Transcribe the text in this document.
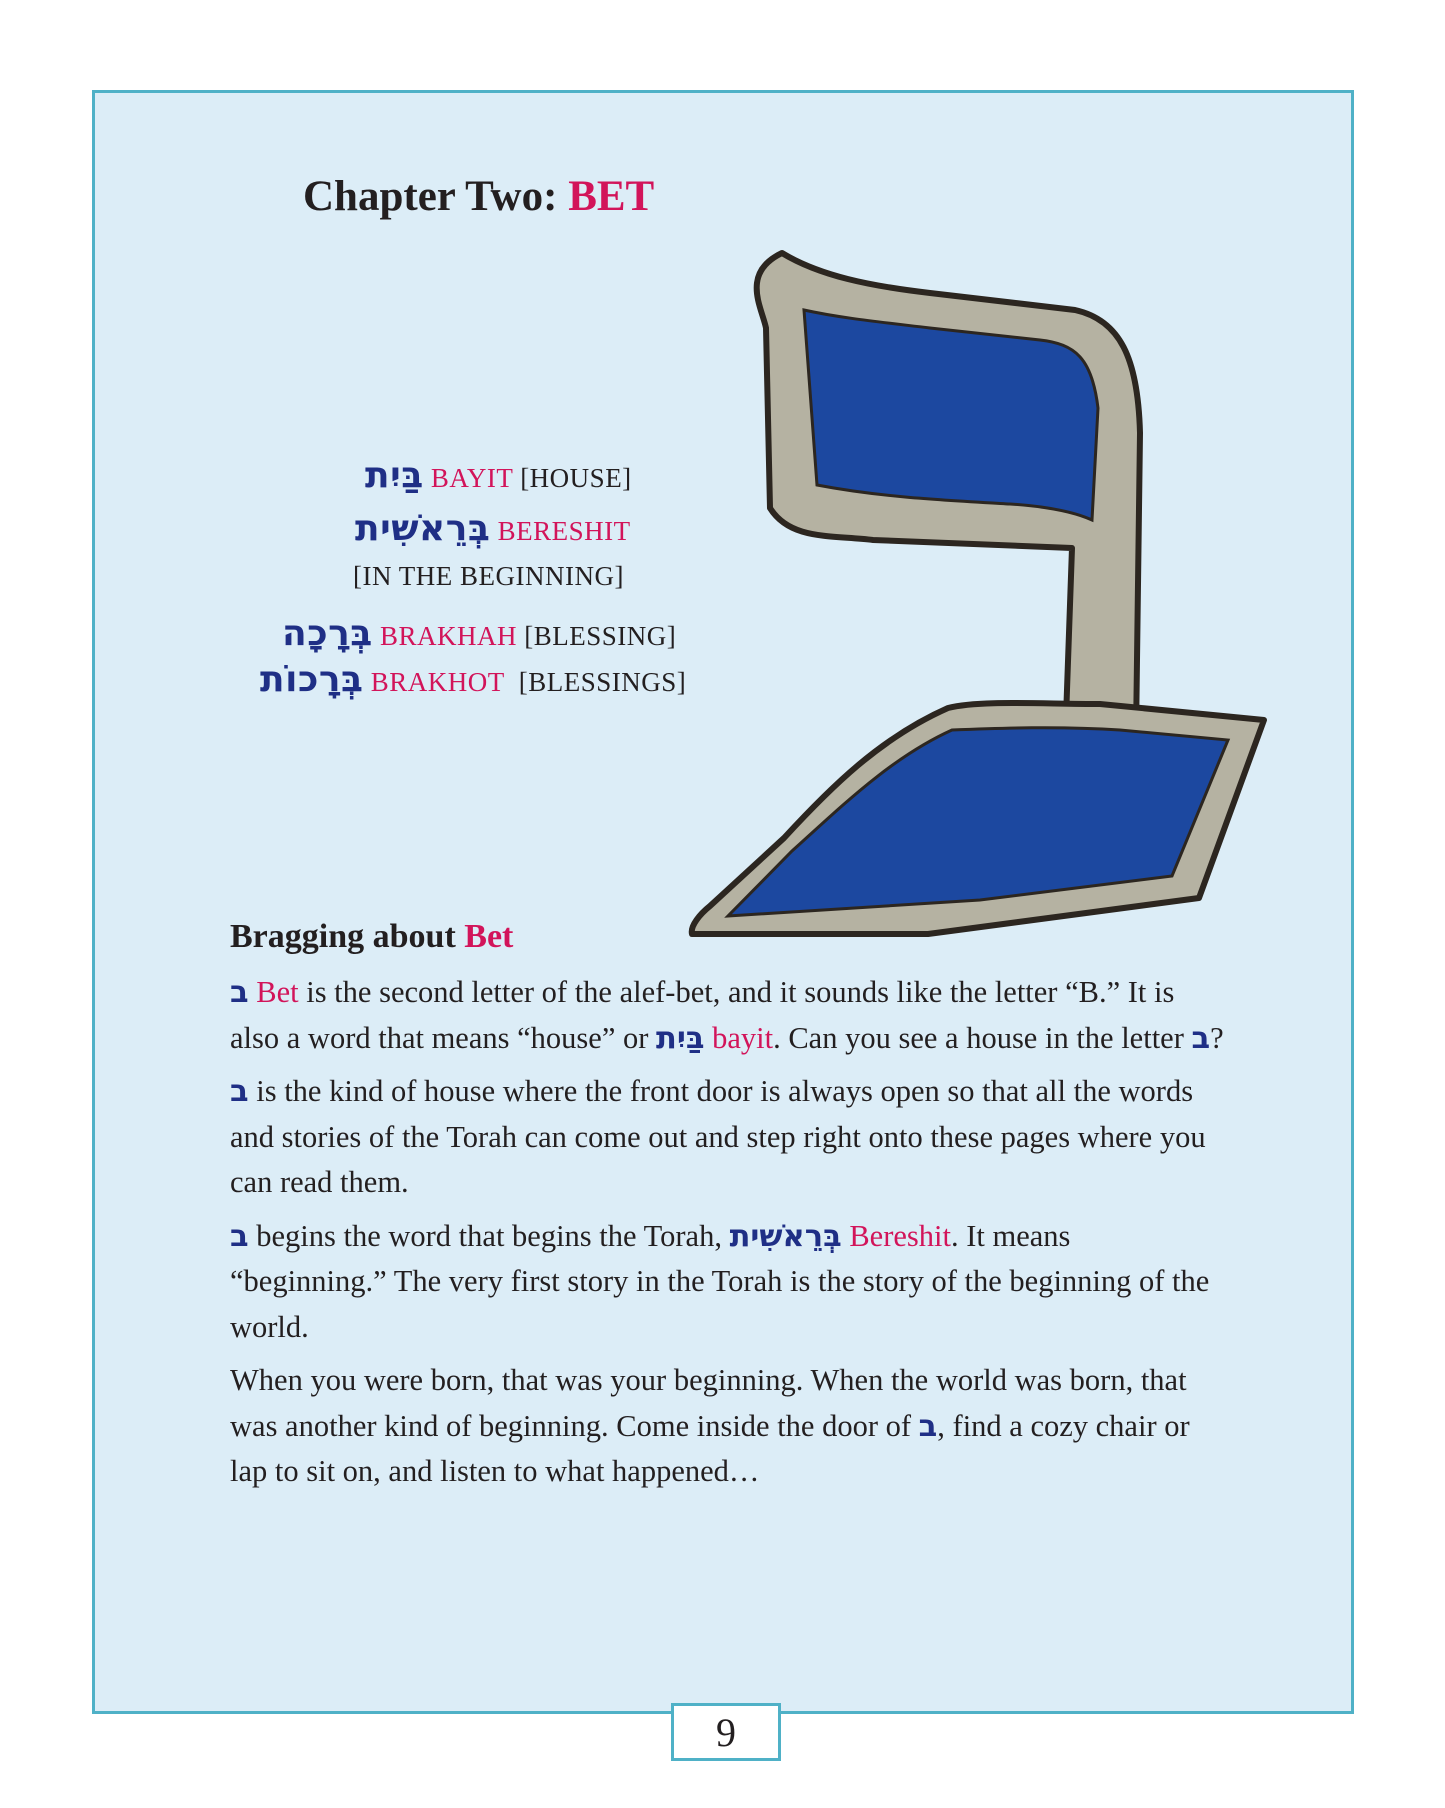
Chapter Two: BET
בַּיִת BAYIT [HOUSE]
בְּרֵאשִׁית BERESHIT
[IN THE BEGINNING]
בְּרָכָה BRAKHAH [BLESSING]
בְּרָכוֹת BRAKHOT  [BLESSINGS]
Bragging about Bet

ב Bet is the second letter of the alef-bet, and it sounds like the letter “B.” It is also a word that means “house” or בַּיִת bayit. Can you see a house in the letter ב?

ב is the kind of house where the front door is always open so that all the words and stories of the Torah can come out and step right onto these pages where you can read them.

ב begins the word that begins the Torah, בְּרֵאשִׁית Bereshit. It means “beginning.” The very first story in the Torah is the story of the beginning of the world.

When you were born, that was your beginning. When the world was born, that was another kind of beginning. Come inside the door of ב, find a cozy chair or lap to sit on, and listen to what happened…

9
